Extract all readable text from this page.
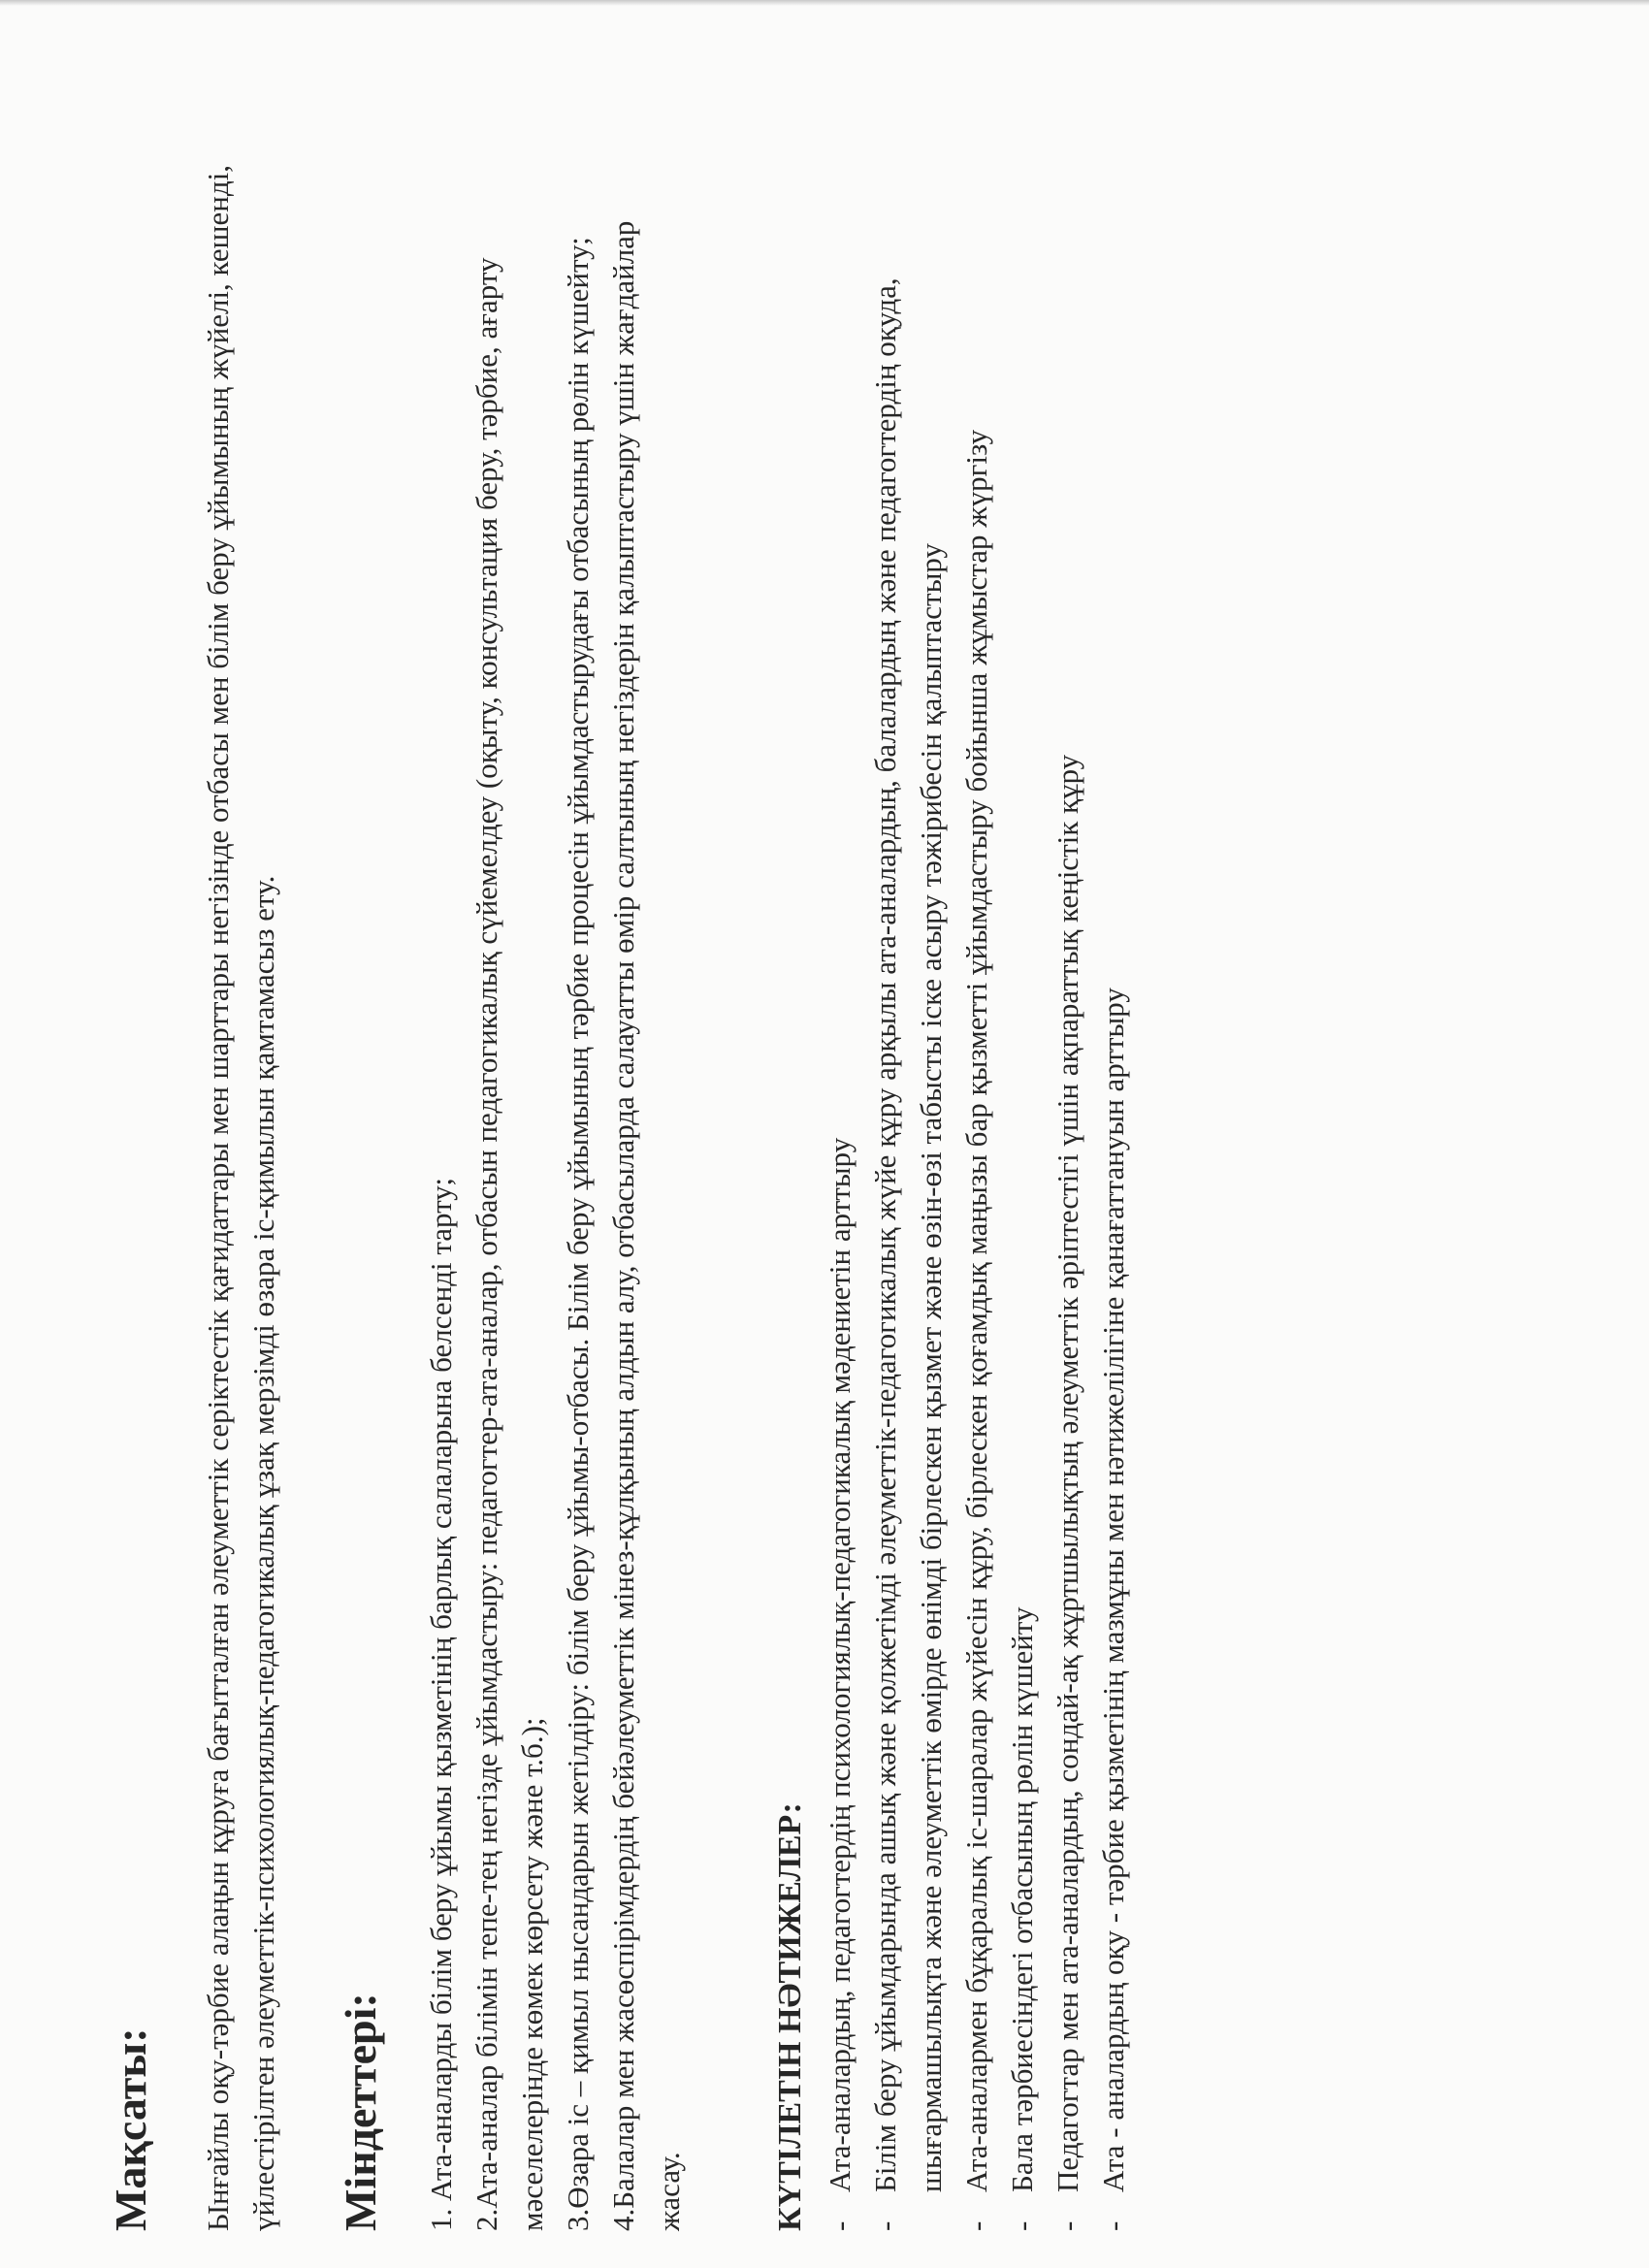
Мақсаты: Ынғайлы оқу-тәрбие алаңын құруға бағытталған әлеуметтік серіктестік қағидаттары мен шарттары негізінде отбасы мен білім беру ұйымының жүйелі, кешенді, үйлестірілген әлеуметтік-психологиялық-педагогикалық ұзақ мерзімді өзара іс-қимылын қамтамасыз ету. Міндеттері: 1. Ата-аналарды білім беру ұйымы қызметінің барлық салаларына белсенді тарту; 2.Ата-аналар білімін тепе-тең негізде ұйымдастыру: педагогтер-ата-аналар, отбасын педагогикалық сүйемелдеу (оқыту, консультация беру, тәрбие, ағарту мәселелерінде көмек көрсету және т.б.); 3.Өзара іс – қимыл нысандарын жетілдіру: білім беру ұйымы-отбасы. Білім беру ұйымының тәрбие процесін ұйымдастырудағы отбасының рөлін күшейту; 4.Балалар мен жасөспірімдердің бейәлеуметтік мінез-құлқының алдын алу, отбасыларда салауатты өмір салтының негіздерін қалыптастыру үшін жағдайлар жасау.	КҮТІЛЕТІН НӘТИЖЕЛЕР: -
Ата-аналардың, педагогтердің психологиялық-педагогикалық мәдениетін арттыру
-
Білім беру ұйымдарында ашық және қолжетімді әлеуметтік-педагогикалық жүйе құру арқылы ата-аналардың, балалардың және педагогтердің оқуда, шығармашылықта және әлеуметтік өмірде өнімді бірлескен қызмет және өзін-өзі табысты іске асыру тәжірибесін қалыптастыру
-
Ата-аналармен бұқаралық іс-шаралар жүйесін құру, бірлескен қоғамдық маңызы бар қызметті ұйымдастыру бойынша жұмыстар жүргізу
-
Бала тәрбиесіндегі отбасының рөлін күшейту
-
Педагогтар мен ата-аналардың, сондай-ақ жұртшылықтың әлеуметтік әріптестігі үшін ақпараттық кеңістік құру
-
Ата - аналардың оқу - тәрбие қызметінің мазмұны мен нәтижелілігіне қанағаттануын арттыру
